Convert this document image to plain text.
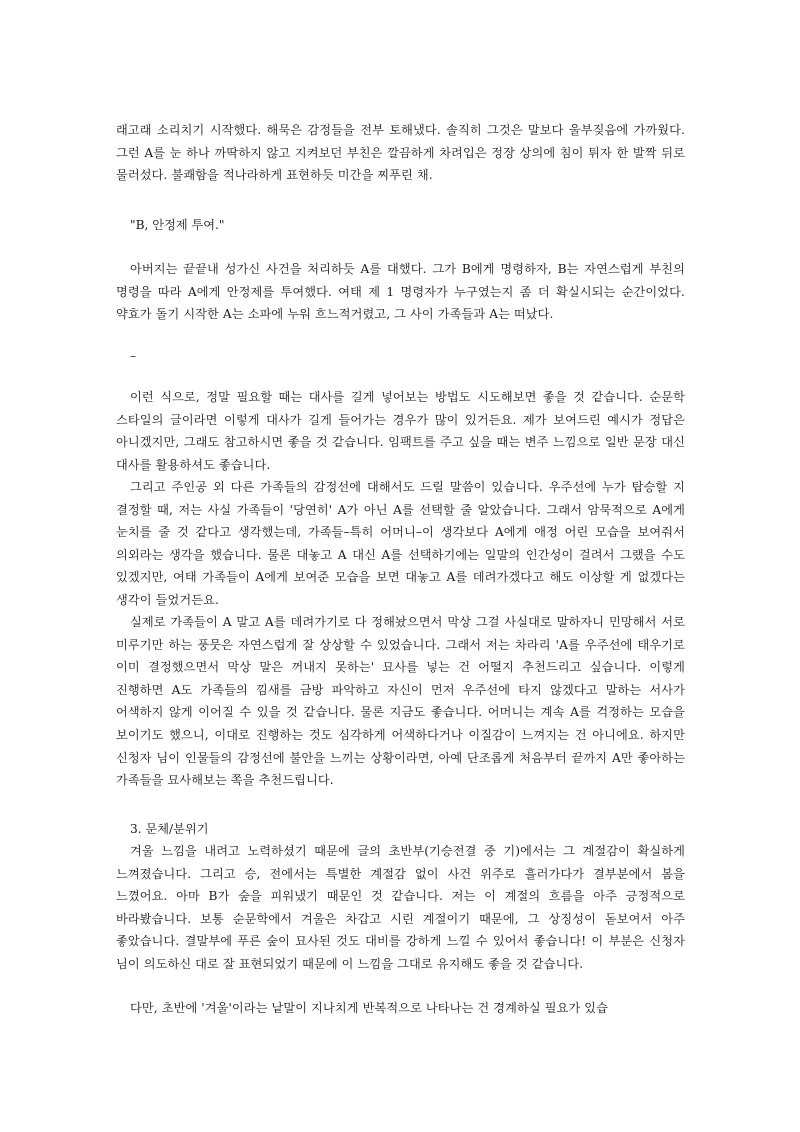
래고래 소리치기 시작했다. 해묵은 감정들을 전부 토해냈다. 솔직히 그것은 말보다 울부짖음에 가까웠다. 그런 A를 눈 하나 까딱하지 않고 지켜보던 부친은 깔끔하게 차려입은 정장 상의에 침이 튀자 한 발짝 뒤로 물러섰다. 불쾌함을 적나라하게 표현하듯 미간을 찌푸린 채.
"B, 안정제 투여."
아버지는 끝끝내 성가신 사건을 처리하듯 A를 대했다. 그가 B에게 명령하자, B는 자연스럽게 부친의 명령을 따라 A에게 안정제를 투여했다. 여태 제 1 명령자가 누구였는지 좀 더 확실시되는 순간이었다. 약효가 돌기 시작한 A는 소파에 누워 흐느적거렸고, 그 사이 가족들과 A는 떠났다.
–
이런 식으로, 정말 필요할 때는 대사를 길게 넣어보는 방법도 시도해보면 좋을 것 같습니다. 순문학 스타일의 글이라면 이렇게 대사가 길게 들어가는 경우가 많이 있거든요. 제가 보여드린 예시가 정답은 아니겠지만, 그래도 참고하시면 좋을 것 같습니다. 임팩트를 주고 싶을 때는 변주 느낌으로 일반 문장 대신 대사를 활용하셔도 좋습니다.
그리고 주인공 외 다른 가족들의 감정선에 대해서도 드릴 말씀이 있습니다. 우주선에 누가 탑승할 지 결정할 때, 저는 사실 가족들이 '당연히' A가 아닌 A를 선택할 줄 알았습니다. 그래서 암묵적으로 A에게 눈치를 줄 것 같다고 생각했는데, 가족들–특히 어머니–이 생각보다 A에게 애정 어린 모습을 보여줘서 의외라는 생각을 했습니다. 물론 대놓고 A 대신 A를 선택하기에는 일말의 인간성이 걸려서 그랬을 수도 있겠지만, 여태 가족들이 A에게 보여준 모습을 보면 대놓고 A를 데려가겠다고 해도 이상할 게 없겠다는 생각이 들었거든요.
실제로 가족들이 A 말고 A를 데려가기로 다 정해놨으면서 막상 그걸 사실대로 말하자니 민망해서 서로 미루기만 하는 풍뭇은 자연스럽게 잘 상상할 수 있었습니다. 그래서 저는 차라리 'A를 우주선에 태우기로 이미 결정했으면서 막상 말은 꺼내지 못하는' 묘사를 넣는 건 어떨지 추천드리고 싶습니다. 이렇게 진행하면 A도 가족들의 낌새를 금방 파악하고 자신이 먼저 우주선에 타지 않겠다고 말하는 서사가 어색하지 않게 이어질 수 있을 것 같습니다. 물론 지금도 좋습니다. 어머니는 계속 A를 걱정하는 모습을 보이기도 했으니, 이대로 진행하는 것도 심각하게 어색하다거나 이질감이 느껴지는 건 아니에요. 하지만 신청자 님이 인물들의 감정선에 불안을 느끼는 상황이라면, 아예 단조롭게 처음부터 끝까지 A만 좋아하는 가족들을 묘사해보는 쪽을 추천드립니다.
3. 문체/분위기
겨울 느낌을 내려고 노력하셨기 때문에 글의 초반부(기승전결 중 기)에서는 그 계절감이 확실하게 느껴졌습니다. 그리고 승, 전에서는 특별한 계절감 없이 사건 위주로 흘러가다가 결부분에서 봄을 느꼈어요. 아마 B가 숲을 피워냈기 때문인 것 같습니다. 저는 이 계절의 흐름을 아주 긍정적으로 바라봤습니다. 보통 순문학에서 겨울은 차갑고 시린 계절이기 때문에, 그 상징성이 돋보여서 아주 좋았습니다. 결말부에 푸른 숲이 묘사된 것도 대비를 강하게 느낄 수 있어서 좋습니다! 이 부분은 신청자 님이 의도하신 대로 잘 표현되었기 때문에 이 느낌을 그대로 유지해도 좋을 것 같습니다.
다만, 초반에 '겨울'이라는 낱말이 지나치게 반복적으로 나타나는 건 경계하실 필요가 있습
